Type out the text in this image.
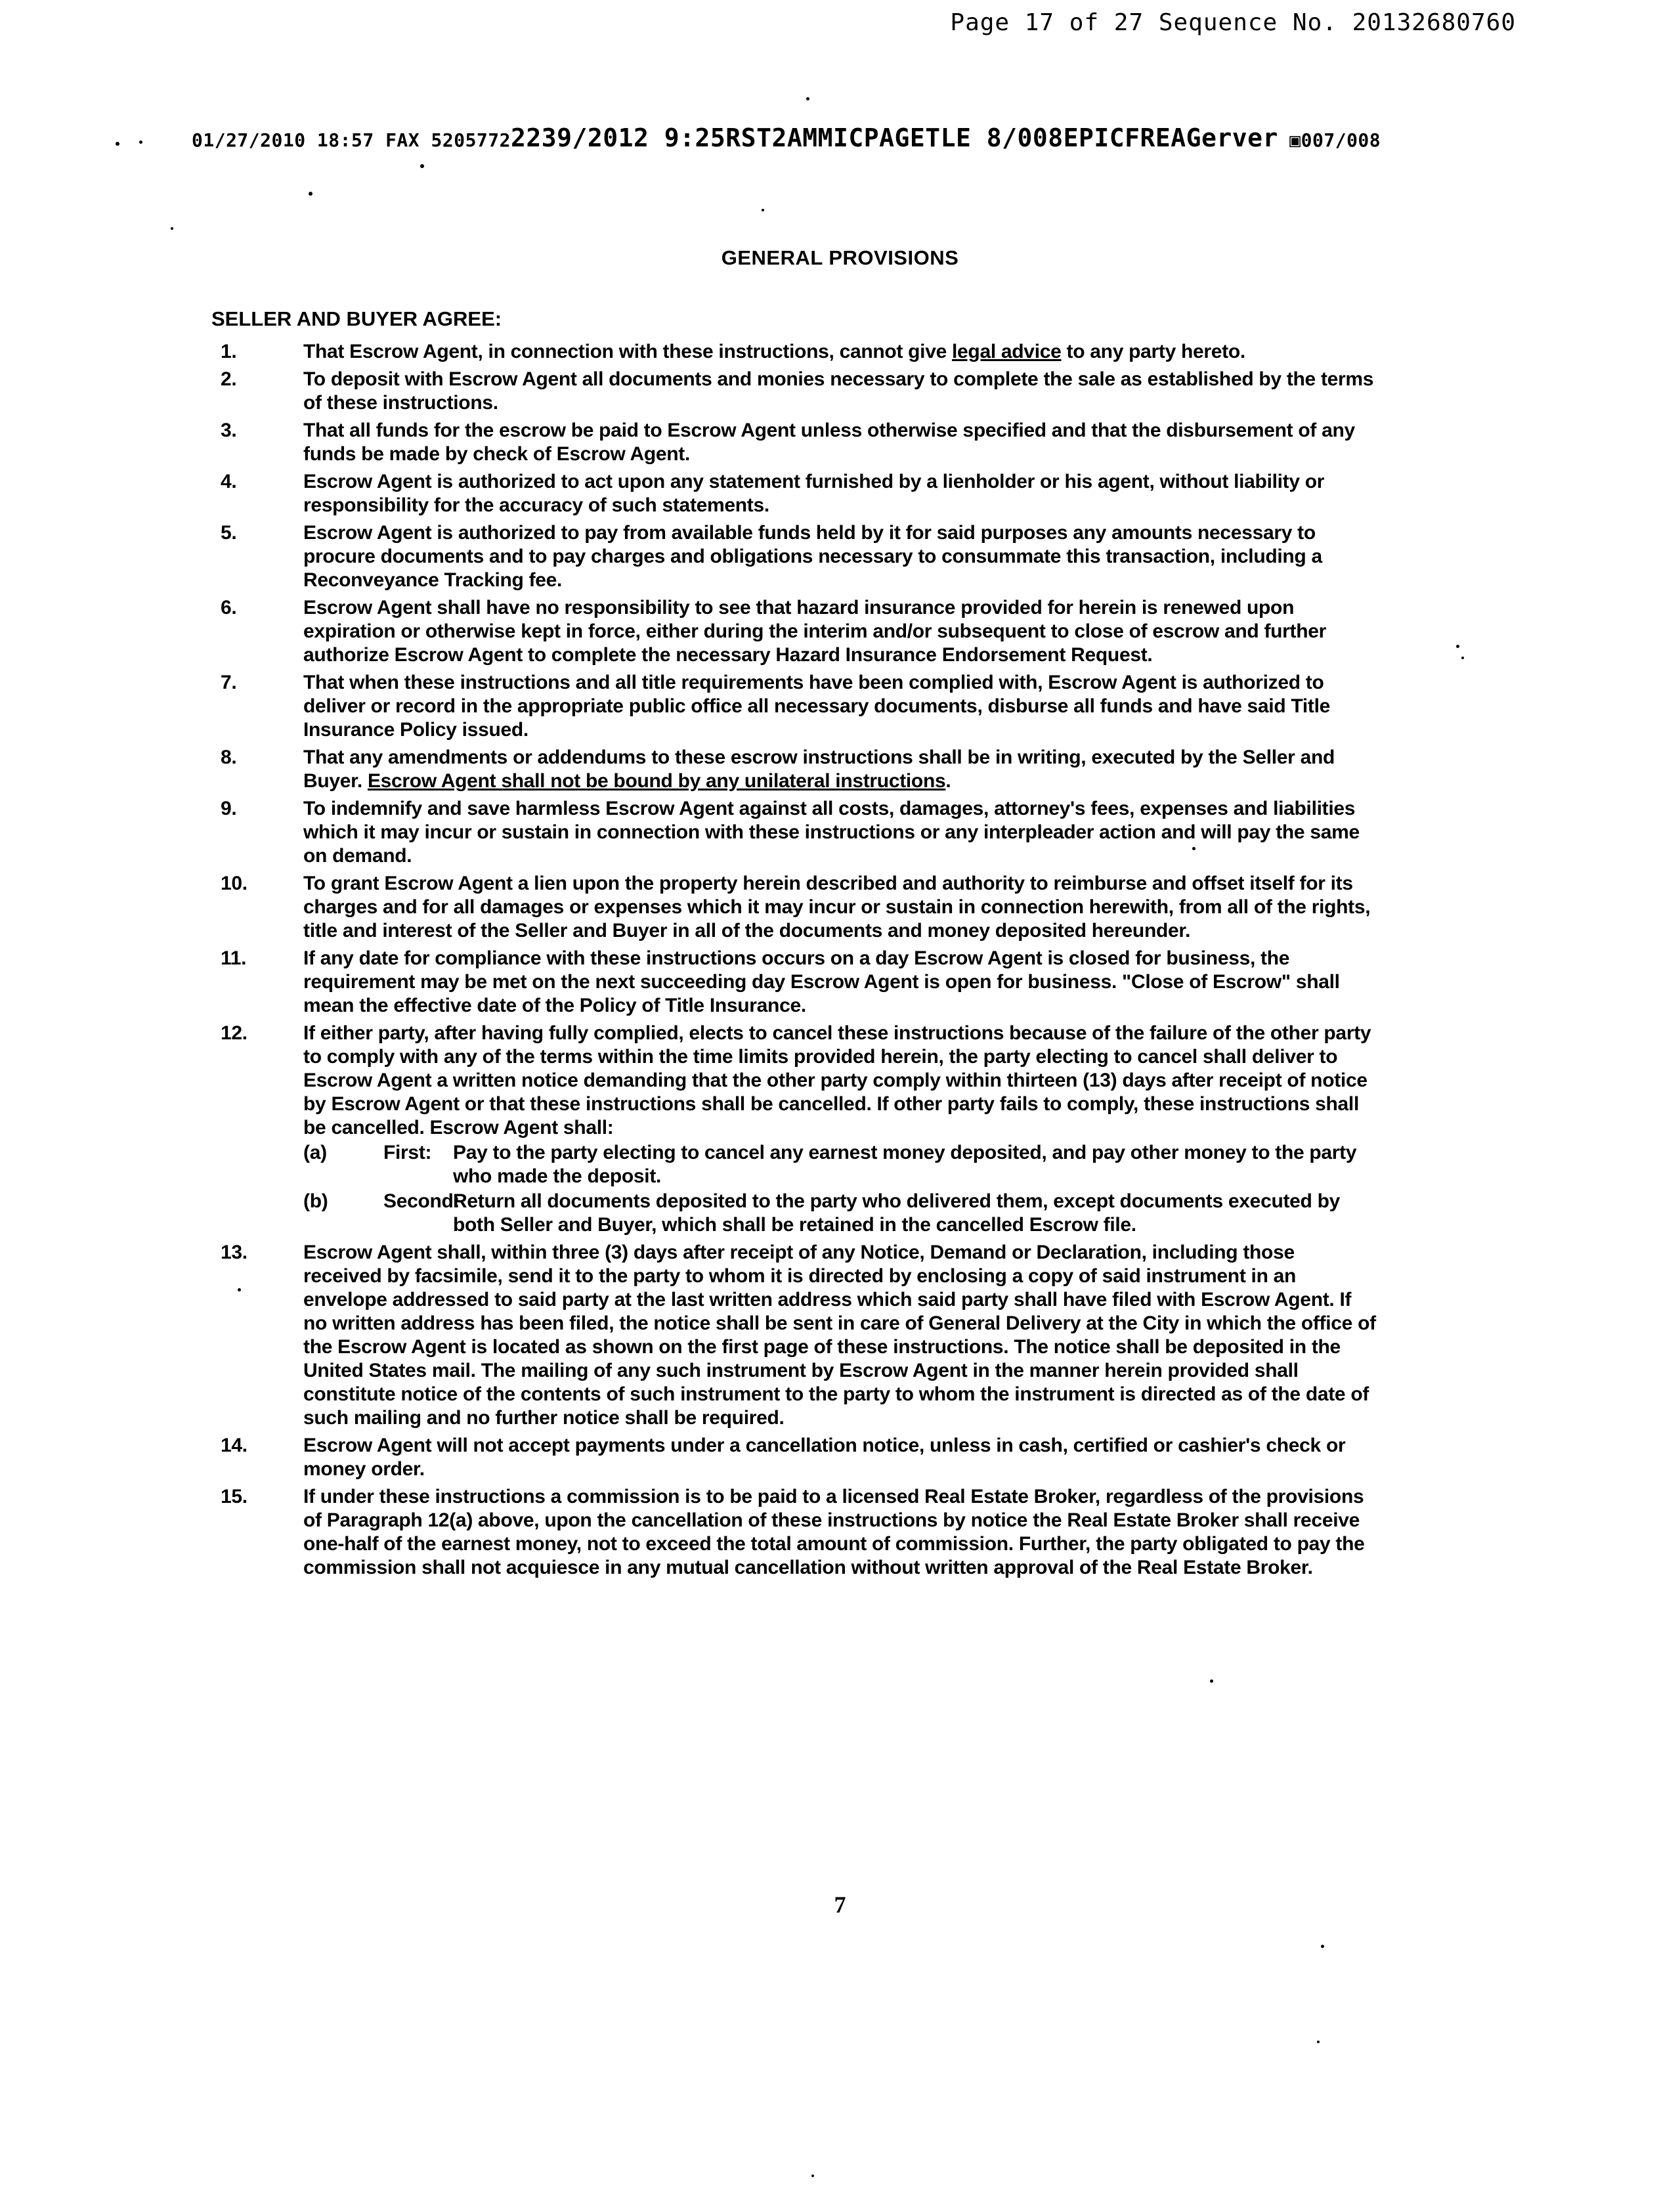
Page 17 of 27 Sequence No. 20132680760
01/27/2010 18:57 FAX 52057722239/2012 9:25RST2AMMICPAGETLE 8/008EPICFREAGerver ▣007/008
GENERAL PROVISIONS
SELLER AND BUYER AGREE:
1.	That Escrow Agent, in connection with these instructions, cannot give legal advice to any party hereto.
2.	To deposit with Escrow Agent all documents and monies necessary to complete the sale as established by the terms of these instructions.
3.	That all funds for the escrow be paid to Escrow Agent unless otherwise specified and that the disbursement of any funds be made by check of Escrow Agent.
4.	Escrow Agent is authorized to act upon any statement furnished by a lienholder or his agent, without liability or responsibility for the accuracy of such statements.
5.	Escrow Agent is authorized to pay from available funds held by it for said purposes any amounts necessary to procure documents and to pay charges and obligations necessary to consummate this transaction, including a Reconveyance Tracking fee.
6.	Escrow Agent shall have no responsibility to see that hazard insurance provided for herein is renewed upon expiration or otherwise kept in force, either during the interim and/or subsequent to close of escrow and further authorize Escrow Agent to complete the necessary Hazard Insurance Endorsement Request.
7.	That when these instructions and all title requirements have been complied with, Escrow Agent is authorized to deliver or record in the appropriate public office all necessary documents, disburse all funds and have said Title Insurance Policy issued.
8.	That any amendments or addendums to these escrow instructions shall be in writing, executed by the Seller and Buyer. Escrow Agent shall not be bound by any unilateral instructions.
9.	To indemnify and save harmless Escrow Agent against all costs, damages, attorney's fees, expenses and liabilities which it may incur or sustain in connection with these instructions or any interpleader action and will pay the same on demand.
10.	To grant Escrow Agent a lien upon the property herein described and authority to reimburse and offset itself for its charges and for all damages or expenses which it may incur or sustain in connection herewith, from all of the rights, title and interest of the Seller and Buyer in all of the documents and money deposited hereunder.
11.	If any date for compliance with these instructions occurs on a day Escrow Agent is closed for business, the requirement may be met on the next succeeding day Escrow Agent is open for business. "Close of Escrow" shall mean the effective date of the Policy of Title Insurance.
12.	If either party, after having fully complied, elects to cancel these instructions because of the failure of the other party to comply with any of the terms within the time limits provided herein, the party electing to cancel shall deliver to Escrow Agent a written notice demanding that the other party comply within thirteen (13) days after receipt of notice by Escrow Agent or that these instructions shall be cancelled. If other party fails to comply, these instructions shall be cancelled. Escrow Agent shall:
(a)	First: Pay to the party electing to cancel any earnest money deposited, and pay other money to the party who made the deposit.
(b)	Second:
Return all documents deposited to the party who delivered them, except documents executed by both Seller and Buyer, which shall be retained in the cancelled Escrow file.
13.	Escrow Agent shall, within three (3) days after receipt of any Notice, Demand or Declaration, including those received by facsimile, send it to the party to whom it is directed by enclosing a copy of said instrument in an envelope addressed to said party at the last written address which said party shall have filed with Escrow Agent. If no written address has been filed, the notice shall be sent in care of General Delivery at the City in which the office of the Escrow Agent is located as shown on the first page of these instructions. The notice shall be deposited in the United States mail. The mailing of any such instrument by Escrow Agent in the manner herein provided shall constitute notice of the contents of such instrument to the party to whom the instrument is directed as of the date of such mailing and no further notice shall be required.
14.	Escrow Agent will not accept payments under a cancellation notice, unless in cash, certified or cashier's check or money order.
15.	If under these instructions a commission is to be paid to a licensed Real Estate Broker, regardless of the provisions of Paragraph 12(a) above, upon the cancellation of these instructions by notice the Real Estate Broker shall receive one-half of the earnest money, not to exceed the total amount of commission. Further, the party obligated to pay the commission shall not acquiesce in any mutual cancellation without written approval of the Real Estate Broker.
7
